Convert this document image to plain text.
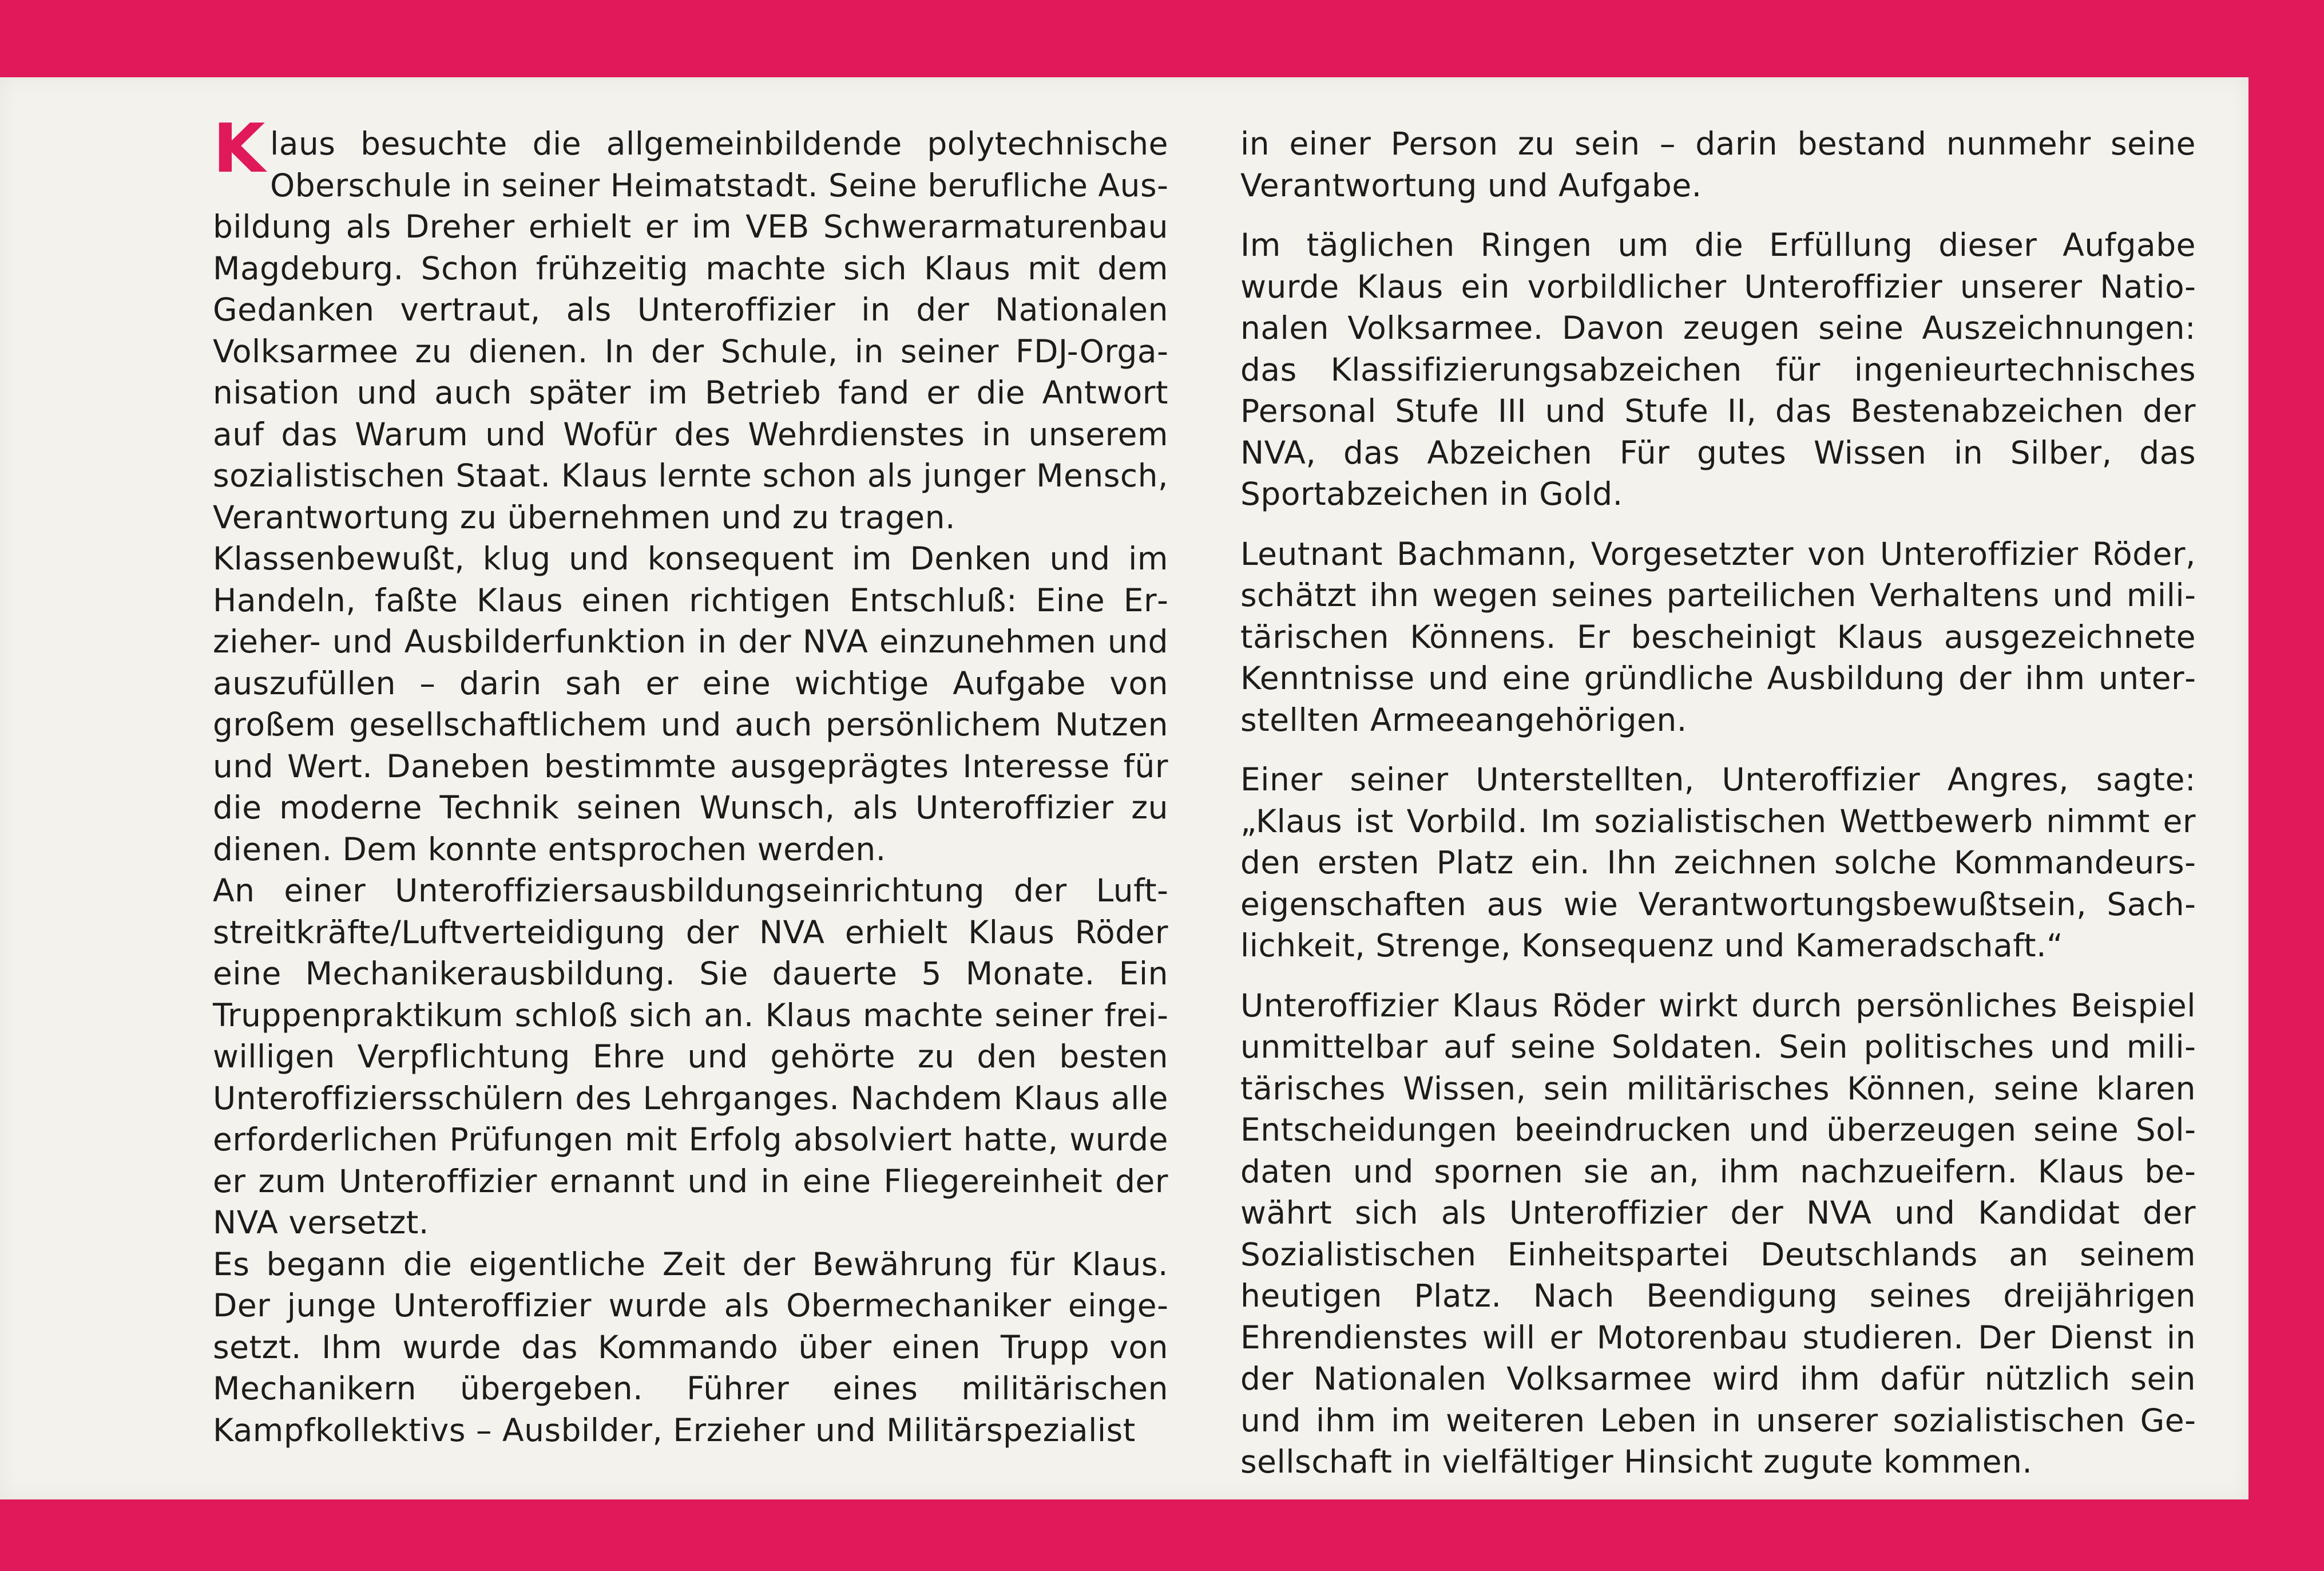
Klaus besuchte die allgemeinbildende polytechnische Oberschule in seiner Heimatstadt. Seine berufliche Ausbildung als Dreher erhielt er im VEB Schwerarmaturenbau Magdeburg. Schon frühzeitig machte sich Klaus mit dem Gedanken vertraut, als Unteroffizier in der Nationalen Volksarmee zu dienen. In der Schule, in seiner FDJ-Organisation und auch später im Betrieb fand er die Antwort auf das Warum und Wofür des Wehrdienstes in unserem sozialistischen Staat. Klaus lernte schon als junger Mensch, Verantwortung zu übernehmen und zu tragen.

Klassenbewußt, klug und konsequent im Denken und im Handeln, faßte Klaus einen richtigen Entschluß: Eine Erzieher- und Ausbilderfunktion in der NVA einzunehmen und auszufüllen – darin sah er eine wichtige Aufgabe von großem gesellschaftlichem und auch persönlichem Nutzen und Wert. Daneben bestimmte ausgeprägtes Interesse für die moderne Technik seinen Wunsch, als Unteroffizier zu dienen. Dem konnte entsprochen werden.

An einer Unteroffiziersausbildungseinrichtung der Luftstreitkräfte/Luftverteidigung der NVA erhielt Klaus Röder eine Mechanikerausbildung. Sie dauerte 5 Monate. Ein Truppenpraktikum schloß sich an. Klaus machte seiner freiwilligen Verpflichtung Ehre und gehörte zu den besten Unteroffiziersschülern des Lehrganges. Nachdem Klaus alle erforderlichen Prüfungen mit Erfolg absolviert hatte, wurde er zum Unteroffizier ernannt und in eine Fliegereinheit der NVA versetzt.

Es begann die eigentliche Zeit der Bewährung für Klaus. Der junge Unteroffizier wurde als Obermechaniker eingesetzt. Ihm wurde das Kommando über einen Trupp von Mechanikern übergeben. Führer eines militärischen Kampfkollektivs – Ausbilder, Erzieher und Militärspezialist

in einer Person zu sein – darin bestand nunmehr seine Verantwortung und Aufgabe.

Im täglichen Ringen um die Erfüllung dieser Aufgabe wurde Klaus ein vorbildlicher Unteroffizier unserer Nationalen Volksarmee. Davon zeugen seine Auszeichnungen: das Klassifizierungsabzeichen für ingenieurtechnisches Personal Stufe III und Stufe II, das Bestenabzeichen der NVA, das Abzeichen Für gutes Wissen in Silber, das Sportabzeichen in Gold.

Leutnant Bachmann, Vorgesetzter von Unteroffizier Röder, schätzt ihn wegen seines parteilichen Verhaltens und militärischen Könnens. Er bescheinigt Klaus ausgezeichnete Kenntnisse und eine gründliche Ausbildung der ihm unterstellten Armeeangehörigen.

Einer seiner Unterstellten, Unteroffizier Angres, sagte: „Klaus ist Vorbild. Im sozialistischen Wettbewerb nimmt er den ersten Platz ein. Ihn zeichnen solche Kommandeurseigenschaften aus wie Verantwortungsbewußtsein, Sachlichkeit, Strenge, Konsequenz und Kameradschaft.“

Unteroffizier Klaus Röder wirkt durch persönliches Beispiel unmittelbar auf seine Soldaten. Sein politisches und militärisches Wissen, sein militärisches Können, seine klaren Entscheidungen beeindrucken und überzeugen seine Soldaten und spornen sie an, ihm nachzueifern. Klaus bewährt sich als Unteroffizier der NVA und Kandidat der Sozialistischen Einheitspartei Deutschlands an seinem heutigen Platz. Nach Beendigung seines dreijährigen Ehrendienstes will er Motorenbau studieren. Der Dienst in der Nationalen Volksarmee wird ihm dafür nützlich sein und ihm im weiteren Leben in unserer sozialistischen Gesellschaft in vielfältiger Hinsicht zugute kommen.
